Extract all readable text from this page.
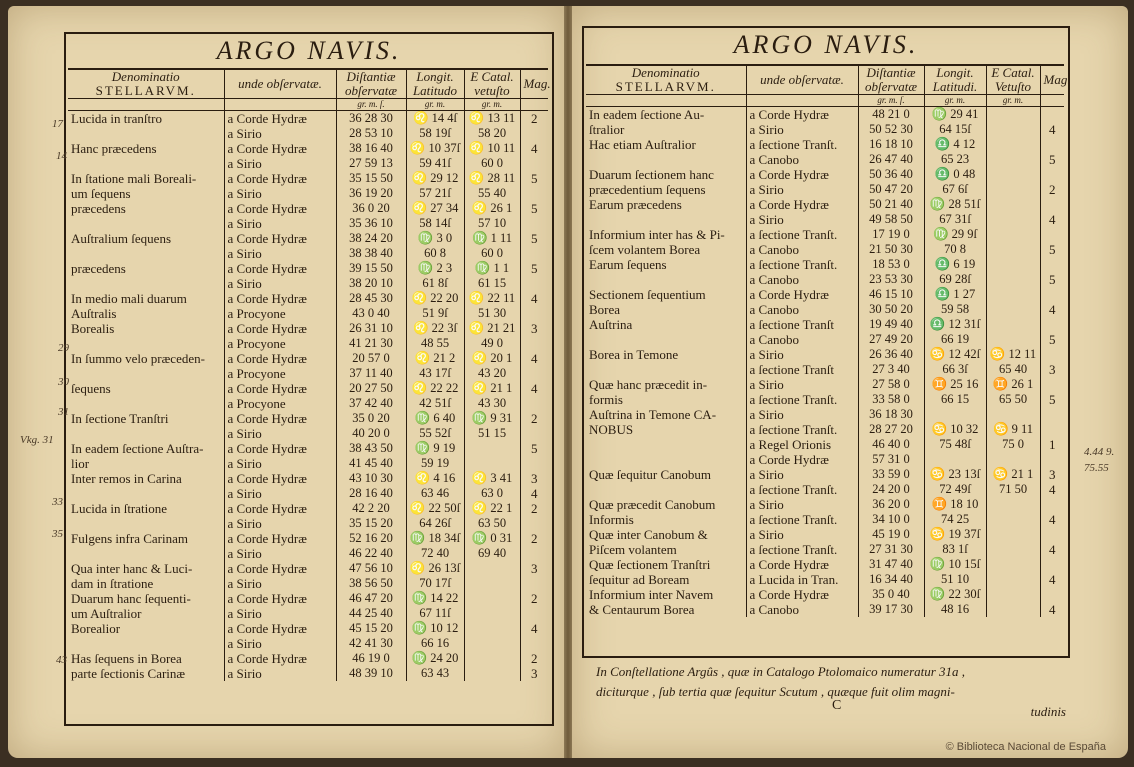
ARGO NAVIS.
Denominatio
STELLARVM.	unde obſervatæ.	Diſtantiæ
obſervatæ	Longit.
Latitudo	E Catal.
vetuſto	Mag.
		gr. m. ſ.	gr. m.	gr. m.	
Lucida in tranſtro	a Corde Hydræ	36 28 30	♌ 14 4ſ	♌ 13 11	2
	a Sirio	28 53 10	58 19ſ	58 20	
Hanc præcedens	a Corde Hydræ	38 16 40	♌ 10 37ſ	♌ 10 11	4
	a Sirio	27 59 13	59 41ſ	60 0	
In ſtatione mali Boreali-	a Corde Hydræ	35 15 50	♌ 29 12	♌ 28 11	5
um ſequens	a Sirio	36 19 20	57 21ſ	55 40	
præcedens	a Corde Hydræ	36 0 20	♌ 27 34	♌ 26 1	5
	a Sirio	35 36 10	58 14ſ	57 10	
Auſtralium ſequens	a Corde Hydræ	38 24 20	♍ 3 0	♍ 1 11	5
	a Sirio	38 38 40	60 8	60 0	
præcedens	a Corde Hydræ	39 15 50	♍ 2 3	♍ 1 1	5
	a Sirio	38 20 10	61 8ſ	61 15	
In medio mali duarum	a Corde Hydræ	28 45 30	♌ 22 20	♌ 22 11	4
Auſtralis	a Procyone	43 0 40	51 9ſ	51 30	
Borealis	a Corde Hydræ	26 31 10	♌ 22 3ſ	♌ 21 21	3
	a Procyone	41 21 30	48 55	49 0	
In ſummo velo præceden-	a Corde Hydræ	20 57 0	♌ 21 2	♌ 20 1	4
	a Procyone	37 11 40	43 17ſ	43 20	
ſequens	a Corde Hydræ	20 27 50	♌ 22 22	♌ 21 1	4
	a Procyone	37 42 40	42 51ſ	43 30	
In ſectione Tranſtri	a Corde Hydræ	35 0 20	♍ 6 40	♍ 9 31	2
	a Sirio	40 20 0	55 52ſ	51 15	
In eadem ſectione Auſtra-	a Corde Hydræ	38 43 50	♍ 9 19		5
lior	a Sirio	41 45 40	59 19		
Inter remos in Carina	a Corde Hydræ	43 10 30	♌ 4 16	♌ 3 41	3
	a Sirio	28 16 40	63 46	63 0	4
Lucida in ſtratione	a Corde Hydræ	42 2 20	♌ 22 50ſ	♌ 22 1	2
	a Sirio	35 15 20	64 26ſ	63 50	
Fulgens infra Carinam	a Corde Hydræ	52 16 20	♍ 18 34ſ	♍ 0 31	2
	a Sirio	46 22 40	72 40	69 40	
Qua inter hanc & Luci-	a Corde Hydræ	47 56 10	♌ 26 13ſ		3
dam in ſtratione	a Sirio	38 56 50	70 17ſ		
Duarum hanc ſequenti-	a Corde Hydræ	46 47 20	♍ 14 22		2
um Auſtralior	a Sirio	44 25 40	67 11ſ		
Borealior	a Corde Hydræ	45 15 20	♍ 10 12		4
	a Sirio	42 41 30	66 16		
Has ſequens in Borea	a Corde Hydræ	46 19 0	♍ 24 20		2
parte ſectionis Carinæ	a Sirio	48 39 10	63 43		3
ARGO NAVIS.
Denominatio
STELLARVM.	unde obſervatæ.	Diſtantiæ
obſervatæ	Longit.
Latitudi.	E Catal.
Vetuſto	Mag.
		gr. m. ſ.	gr. m.	gr. m.	
In eadem ſectione Au-	a Corde Hydræ	48 21 0	♍ 29 41		
ſtralior	a Sirio	50 52 30	64 15ſ		4
Hac etiam Auſtralior	a ſectione Tranſt.	16 18 10	♎ 4 12		
	a Canobo	26 47 40	65 23		5
Duarum ſectionem hanc	a Corde Hydræ	50 36 40	♎ 0 48		
præcedentium ſequens	a Sirio	50 47 20	67 6ſ		2
Earum præcedens	a Corde Hydræ	50 21 40	♍ 28 51ſ		
	a Sirio	49 58 50	67 31ſ		4
Informium inter has & Pi-	a ſectione Tranſt.	17 19 0	♍ 29 9ſ		
ſcem volantem Borea	a Canobo	21 50 30	70 8		5
Earum ſequens	a ſectione Tranſt.	18 53 0	♎ 6 19		
	a Canobo	23 53 30	69 28ſ		5
Sectionem ſequentium	a Corde Hydræ	46 15 10	♎ 1 27		
Borea	a Canobo	30 50 20	59 58		4
Auſtrina	a ſectione Tranſt	19 49 40	♎ 12 31ſ		
	a Canobo	27 49 20	66 19		5
Borea in Temone	a Sirio	26 36 40	♋ 12 42ſ	♋ 12 11	
	a ſectione Tranſt	27 3 40	66 3ſ	65 40	3
Quæ hanc præcedit in-	a Sirio	27 58 0	♊ 25 16	♊ 26 1	
formis	a ſectione Tranſt.	33 58 0	66 15	65 50	5
Auſtrina in Temone CA-	a Sirio	36 18 30			
NOBUS	a ſectione Tranſt.	28 27 20	♋ 10 32	♋ 9 11	
	a Regel Orionis	46 40 0	75 48ſ	75 0	1
	a Corde Hydræ	57 31 0			
Quæ ſequitur Canobum	a Sirio	33 59 0	♋ 23 13ſ	♋ 21 1	3
	a ſectione Tranſt.	24 20 0	72 49ſ	71 50	4
Quæ præcedit Canobum	a Sirio	36 20 0	♊ 18 10		
Informis	a ſectione Tranſt.	34 10 0	74 25		4
Quæ inter Canobum &	a Sirio	45 19 0	♋ 19 37ſ		
Piſcem volantem	a ſectione Tranſt.	27 31 30	83 1ſ		4
Quæ ſectionem Tranſtri	a Corde Hydræ	31 47 40	♍ 10 15ſ		
ſequitur ad Boream	a Lucida in Tran.	16 34 40	51 10		4
Informium inter Navem	a Corde Hydræ	35 0 40	♍ 22 30ſ		
& Centaurum Borea	a Canobo	39 17 30	48 16		4
In Conſtellatione Argûs , quæ in Catalogo Ptolomaico numeratur 31a ,
diciturque , ſub tertia quæ ſequitur Scutum , quæque fuit olim magni-
tudinis
C
4.44 9.
75.55
17
14
29
30
31
33
35
43
Vkg. 31
© Biblioteca Nacional de España
